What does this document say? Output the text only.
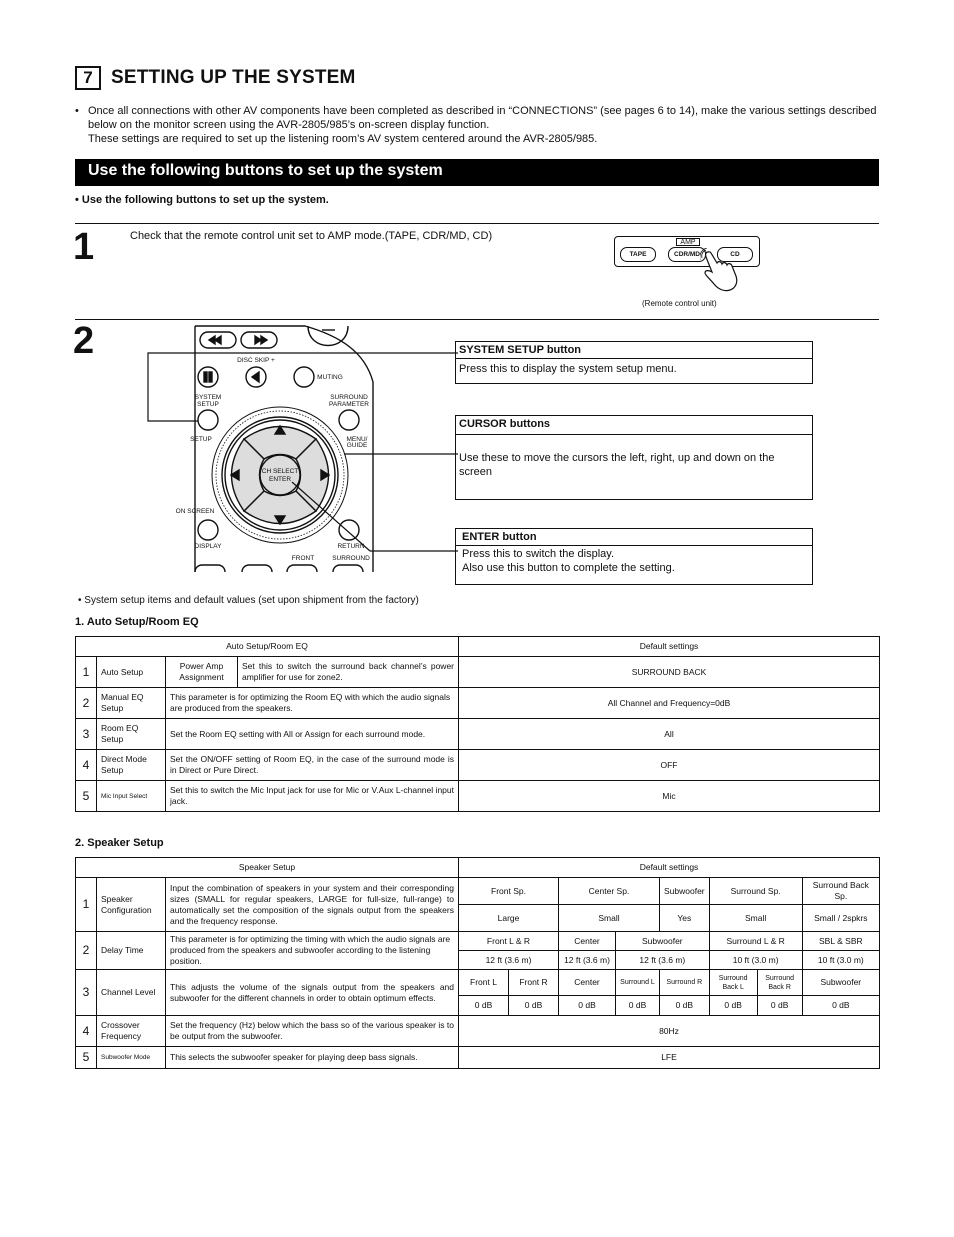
7 SETTING UP THE SYSTEM
• Once all connections with other AV components have been completed as described in “CONNECTIONS” (see pages 6 to 14), make the various settings described below on the monitor screen using the AVR-2805/985’s on-screen display function.

These settings are required to set up the listening room’s AV system centered around the AVR-2805/985.

Use the following buttons to set up the system
• Use the following buttons to set up the system.
1	Check that the remote control unit set to AMP mode.(TAPE, CDR/MD, CD)
AMP
TAPE	CDR/MD	CD
(Remote control unit)
2	DISC SKIP +
MUTING
SYSTEM
SETUP
SURROUND
PARAMETER
SETUP	MENU/
GUIDE
CH SELECT
ENTER
ON SCREEN
DISPLAY	RETURN
FRONT	SURROUND
SYSTEM SETUP button
Press this to display the system setup menu.
CURSOR buttons
Use these to move the cursors the left, right, up and down on the screen
ENTER button
Press this to switch the display.
Also use this button to complete the setting.
• System setup items and default values (set upon shipment from the factory)
1. Auto Setup/Room EQ
Auto Setup/Room EQ				Default settings
1	Auto Setup	Power Amp Assignment	Set this to switch the surround back channel’s power amplifier for use for zone2.	SURROUND BACK
2	Manual EQ Setup	This parameter is for optimizing the Room EQ with which the audio signals are produced from the speakers.		All Channel and Frequency=0dB
3	Room EQ Setup	Set the Room EQ setting with All or Assign for each surround mode.		All
4	Direct Mode Setup	Set the ON/OFF setting of Room EQ, in the case of the surround mode is in Direct or Pure Direct.		OFF
5	Mic Input Select	Set this to switch the Mic Input jack for use for Mic or V.Aux L-channel input jack.		Mic
2. Speaker Setup
Speaker Setup			Default settings							
1	Speaker Configuration	Input the combination of speakers in your system and their corresponding sizes (SMALL for regular speakers, LARGE for full-size, full-range) to automatically set the composition of the signals output from the speakers and the frequency response.	Front Sp.		Center Sp.		Subwoofer	Surround Sp.		Surround Back Sp.
			Large		Small		Yes	Small		Small / 2spkrs
2	Delay Time	This parameter is for optimizing the timing with which the audio signals are produced from the speakers and subwoofer according to the listening position.	Front L & R		Center	Subwoofer		Surround L & R		SBL & SBR
			12 ft (3.6 m)		12 ft (3.6 m)	12 ft (3.6 m)		10 ft (3.0 m)		10 ft (3.0 m)
3	Channel Level	This adjusts the volume of the signals output from the speakers and subwoofer for the different channels in order to obtain optimum effects.	Front L	Front R	Center	Surround L	Surround R	Surround Back L	Surround Back R	Subwoofer
			0 dB	0 dB	0 dB	0 dB	0 dB	0 dB	0 dB	0 dB
4	Crossover Frequency	Set the frequency (Hz) below which the bass so of the various speaker is to be output from the subwoofer.	80Hz							
5	Subwoofer Mode	This selects the subwoofer speaker for playing deep bass signals.	LFE							
